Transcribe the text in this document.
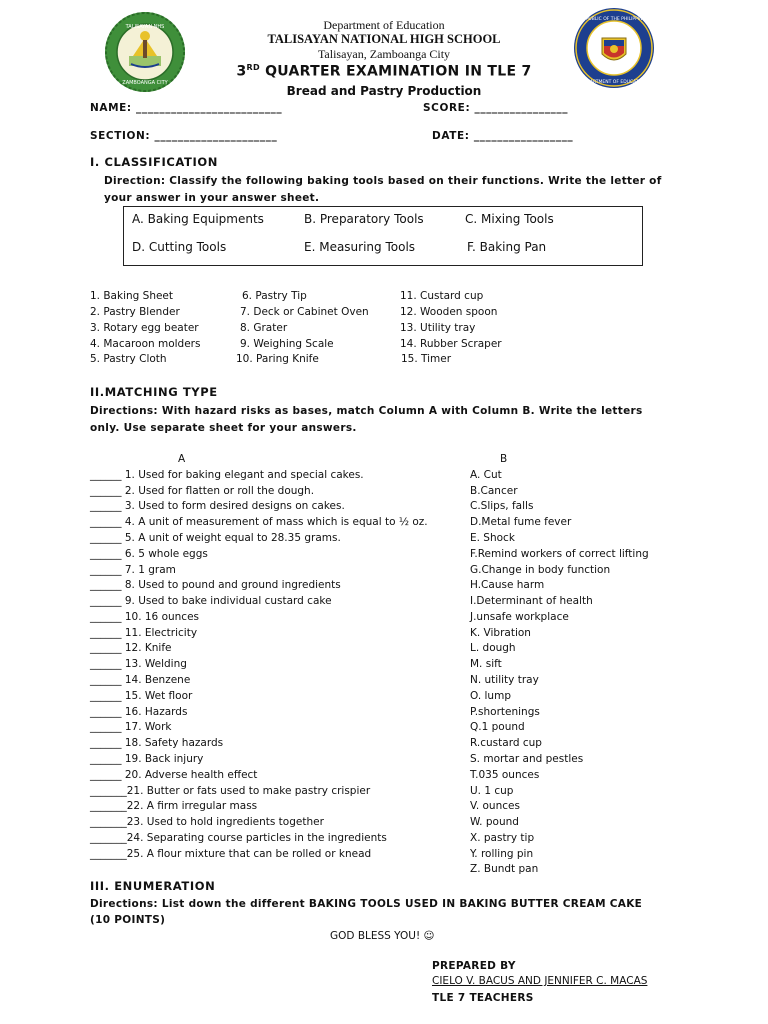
TALISAYAN NHS
ZAMBOANGA CITY
REPUBLIC OF THE PHILIPPINES
DEPARTMENT OF EDUCATION
Department of Education
TALISAYAN NATIONAL HIGH SCHOOL
Talisayan, Zamboanga City
3RD QUARTER EXAMINATION IN TLE 7
Bread and Pastry Production
NAME: _________________________	SCORE: ________________
SECTION: _____________________	DATE: _________________
I. CLASSIFICATION
Direction: Classify the following baking tools based on their functions. Write the letter of
your answer in your answer sheet.
A. Baking Equipments	B. Preparatory Tools	C. Mixing Tools
D. Cutting Tools	E. Measuring Tools	F. Baking Pan
1. Baking Sheet
2. Pastry Blender
3. Rotary egg beater
4. Macaroon molders
5. Pastry Cloth
6. Pastry Tip
7. Deck or Cabinet Oven
8. Grater
9. Weighing Scale
10. Paring Knife
11. Custard cup
12. Wooden spoon
13. Utility tray
14. Rubber Scraper
15. Timer
II.MATCHING TYPE
Directions: With hazard risks as bases, match Column A with Column B. Write the letters
only. Use separate sheet for your answers.
A	B
______ 1. Used for baking elegant and special cakes.
______ 2. Used for flatten or roll the dough.
______ 3. Used to form desired designs on cakes.
______ 4. A unit of measurement of mass which is equal to ½ oz.
______ 5. A unit of weight equal to 28.35 grams.
______ 6. 5 whole eggs
______ 7. 1 gram
______ 8. Used to pound and ground ingredients
______ 9. Used to bake individual custard cake
______ 10. 16 ounces
______ 11. Electricity
______ 12. Knife
______ 13. Welding
______ 14. Benzene
______ 15. Wet floor
______ 16. Hazards
______ 17. Work
______ 18. Safety hazards
______ 19. Back injury
______ 20. Adverse health effect
_______21. Butter or fats used to make pastry crispier
_______22. A firm irregular mass
_______23. Used to hold ingredients together
_______24. Separating course particles in the ingredients
_______25. A flour mixture that can be rolled or knead
A. Cut
B.Cancer
C.Slips, falls
D.Metal fume fever
E. Shock
F.Remind workers of correct lifting
G.Change in body function
H.Cause harm
I.Determinant of health
J.unsafe workplace
K. Vibration
L. dough
M. sift
N. utility tray
O. lump
P.shortenings
Q.1 pound
R.custard cup
S. mortar and pestles
T.035 ounces
U. 1 cup
V. ounces
W. pound
X. pastry tip
Y. rolling pin
Z. Bundt pan
III. ENUMERATION
Directions: List down the different BAKING TOOLS USED IN BAKING BUTTER CREAM CAKE
(10 POINTS)
GOD BLESS YOU! ☺
PREPARED BY
CIELO V. BACUS AND JENNIFER C. MACAS
TLE 7 TEACHERS
